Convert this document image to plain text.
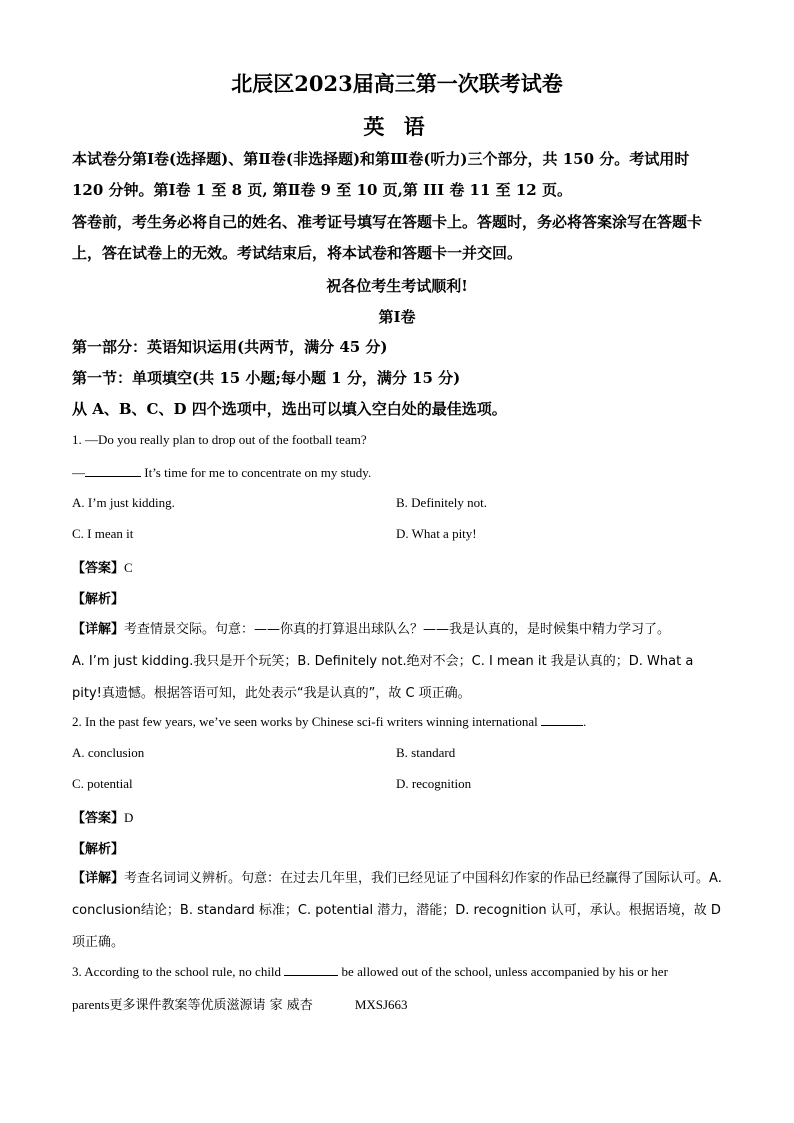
北辰区2023届高三第一次联考试卷
英 语
本试卷分第Ⅰ卷(选择题)、第Ⅱ卷(非选择题)和第Ⅲ卷(听力)三个部分，共 150 分。考试用时 120 分钟。第Ⅰ卷 1 至 8 页, 第Ⅱ卷 9 至 10 页,第 III 卷 11 至 12 页。
答卷前，考生务必将自己的姓名、准考证号填写在答题卡上。答题时，务必将答案涂写在答题卡上，答在试卷上的无效。考试结束后，将本试卷和答题卡一并交回。
祝各位考生考试顺利!
第Ⅰ卷
第一部分：英语知识运用(共两节，满分 45 分)
第一节：单项填空(共 15 小题;每小题 1 分，满分 15 分)
从 A、B、C、D 四个选项中，选出可以填入空白处的最佳选项。
1. —Do you really plan to drop out of the football team?
—	It’s time for me to concentrate on my study.
A. I’m just kidding.	B. Definitely not.
C. I mean it	D. What a pity!
【答案】C
【解析】
【详解】考查情景交际。句意：——你真的打算退出球队么？——我是认真的，是时候集中精力学习了。
A. I’m just kidding.我只是开个玩笑；B. Definitely not.绝对不会；C. I mean it 我是认真的；D. What a pity!真遗憾。根据答语可知，此处表示“我是认真的”，故 C 项正确。
2. In the past few years, we’ve seen works by Chinese sci-fi writers winning international	.
A. conclusion	B. standard
C. potential	D. recognition
【答案】D
【解析】
【详解】考查名词词义辨析。句意：在过去几年里，我们已经见证了中国科幻作家的作品已经赢得了国际认可。A. conclusion结论；B. standard 标准；C. potential 潜力，潜能；D. recognition 认可，承认。根据语境，故 D 项正确。
3. According to the school rule, no child	be allowed out of the school, unless accompanied by his or her
parents更多课件教案等优质滋源请 家 威杏	MXSJ663
